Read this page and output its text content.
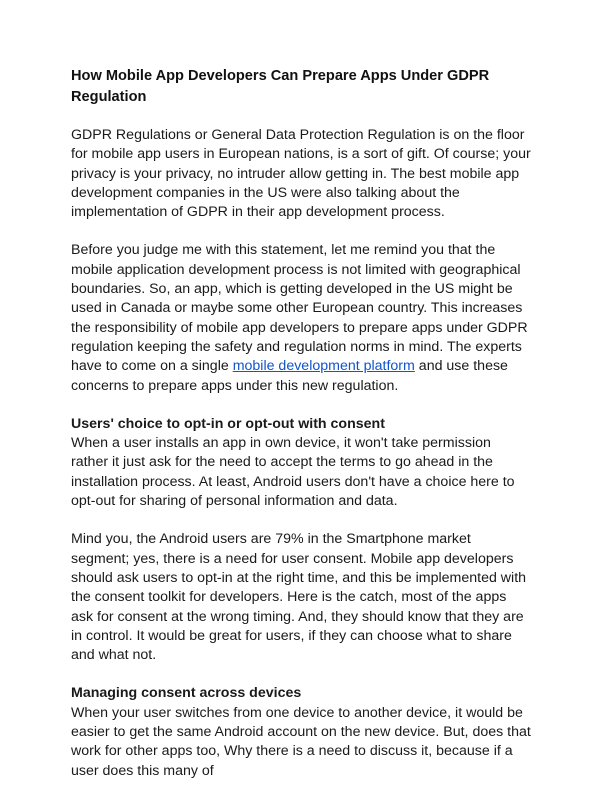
How Mobile App Developers Can Prepare Apps Under GDPR Regulation

GDPR Regulations or General Data Protection Regulation is on the floor for mobile app users in European nations, is a sort of gift. Of course; your privacy is your privacy, no intruder allow getting in. The best mobile app development companies in the US were also talking about the implementation of GDPR in their app development process.

Before you judge me with this statement, let me remind you that the mobile application development process is not limited with geographical boundaries. So, an app, which is getting developed in the US might be used in Canada or maybe some other European country. This increases the responsibility of mobile app developers to prepare apps under GDPR regulation keeping the safety and regulation norms in mind. The experts have to come on a single mobile development platform and use these concerns to prepare apps under this new regulation.

Users' choice to opt-in or opt-out with consent

When a user installs an app in own device, it won't take permission rather it just ask for the need to accept the terms to go ahead in the installation process. At least, Android users don't have a choice here to opt-out for sharing of personal information and data.

Mind you, the Android users are 79% in the Smartphone market segment; yes, there is a need for user consent. Mobile app developers should ask users to opt-in at the right time, and this be implemented with the consent toolkit for developers. Here is the catch, most of the apps ask for consent at the wrong timing. And, they should know that they are in control. It would be great for users, if they can choose what to share and what not.

Managing consent across devices

When your user switches from one device to another device, it would be easier to get the same Android account on the new device. But, does that work for other apps too, Why there is a need to discuss it, because if a user does this many of
